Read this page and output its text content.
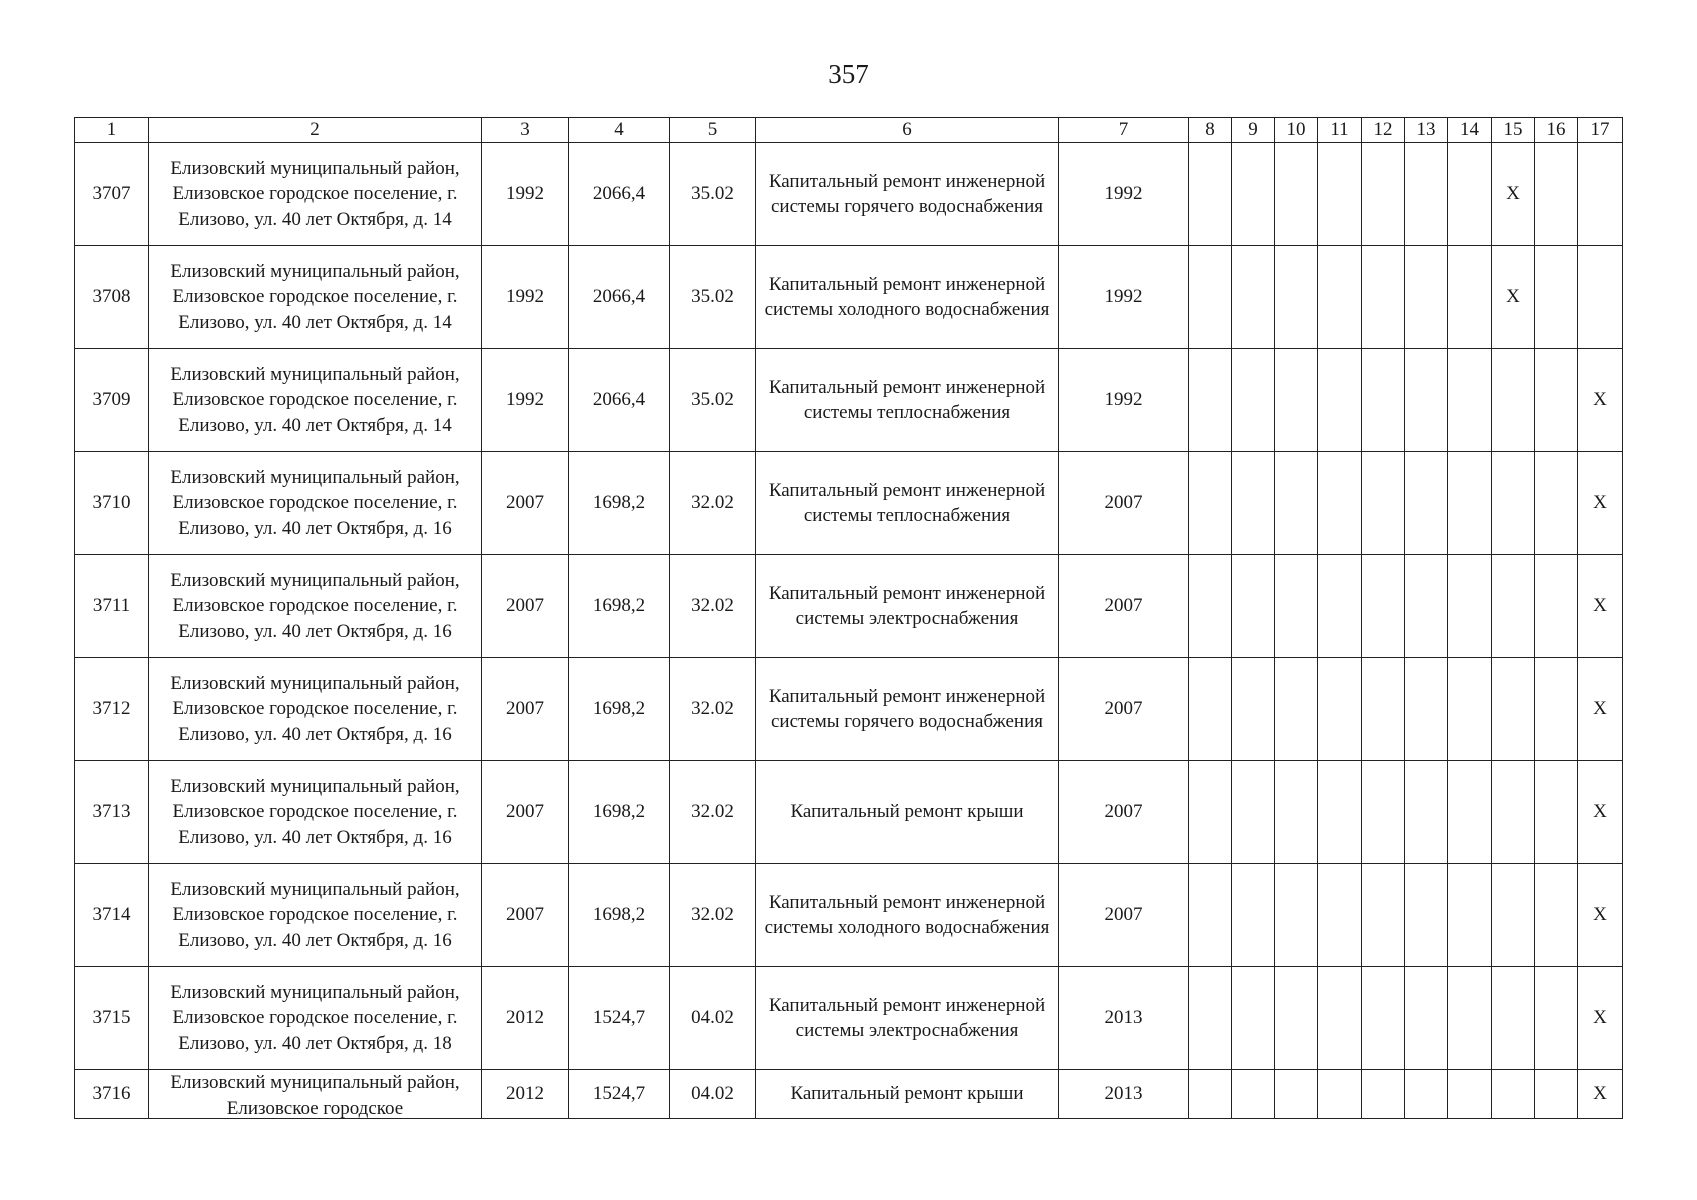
357
1	2	3	4	5	6	7	8	9	10	11	12	13	14	15	16	17
3707	Елизовский муниципальный район, Елизовское городское поселение, г. Елизово, ул. 40 лет Октября, д. 14	1992	2066,4	35.02	Капитальный ремонт инженерной системы горячего водоснабжения	1992								X		
3708	Елизовский муниципальный район, Елизовское городское поселение, г. Елизово, ул. 40 лет Октября, д. 14	1992	2066,4	35.02	Капитальный ремонт инженерной системы холодного водоснабжения	1992								X		
3709	Елизовский муниципальный район, Елизовское городское поселение, г. Елизово, ул. 40 лет Октября, д. 14	1992	2066,4	35.02	Капитальный ремонт инженерной системы теплоснабжения	1992										X
3710	Елизовский муниципальный район, Елизовское городское поселение, г. Елизово, ул. 40 лет Октября, д. 16	2007	1698,2	32.02	Капитальный ремонт инженерной системы теплоснабжения	2007										X
3711	Елизовский муниципальный район, Елизовское городское поселение, г. Елизово, ул. 40 лет Октября, д. 16	2007	1698,2	32.02	Капитальный ремонт инженерной системы электроснабжения	2007										X
3712	Елизовский муниципальный район, Елизовское городское поселение, г. Елизово, ул. 40 лет Октября, д. 16	2007	1698,2	32.02	Капитальный ремонт инженерной системы горячего водоснабжения	2007										X
3713	Елизовский муниципальный район, Елизовское городское поселение, г. Елизово, ул. 40 лет Октября, д. 16	2007	1698,2	32.02	Капитальный ремонт крыши	2007										X
3714	Елизовский муниципальный район, Елизовское городское поселение, г. Елизово, ул. 40 лет Октября, д. 16	2007	1698,2	32.02	Капитальный ремонт инженерной системы холодного водоснабжения	2007										X
3715	Елизовский муниципальный район, Елизовское городское поселение, г. Елизово, ул. 40 лет Октября, д. 18	2012	1524,7	04.02	Капитальный ремонт инженерной системы электроснабжения	2013										X
3716	Елизовский муниципальный район, Елизовское городское	2012	1524,7	04.02	Капитальный ремонт крыши	2013										X
